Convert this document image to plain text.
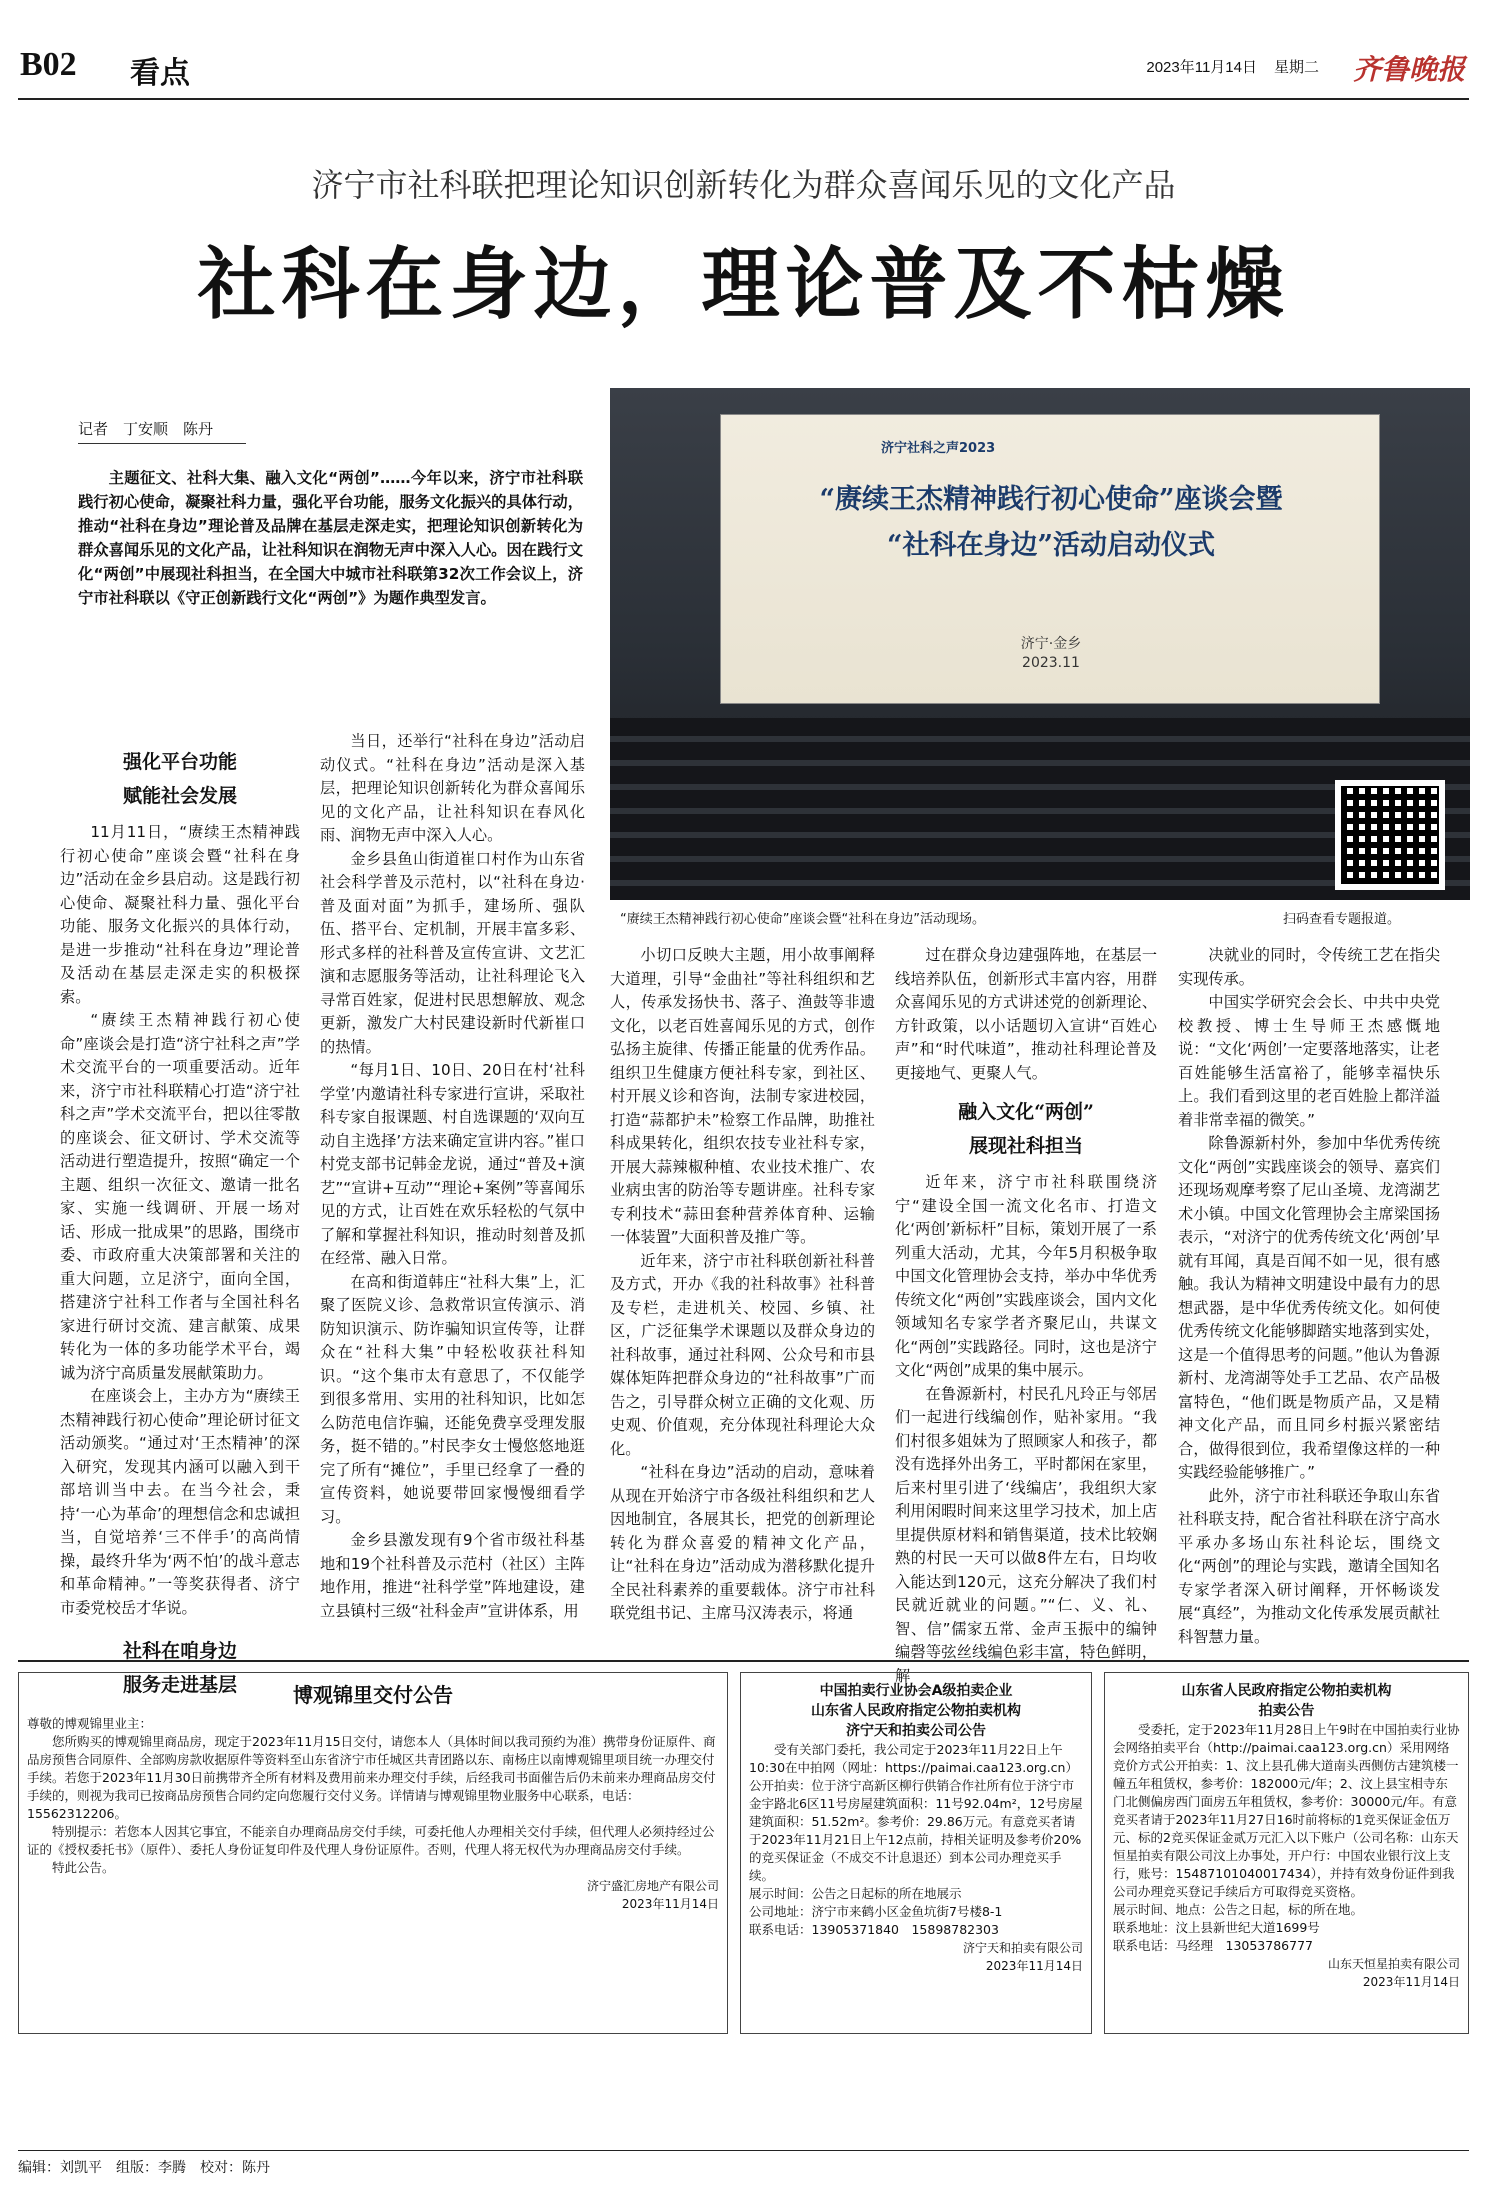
B02 看点	2023年11月14日 星期二 齐鲁晚报
济宁市社科联把理论知识创新转化为群众喜闻乐见的文化产品
社科在身边，理论普及不枯燥
记者　丁安顺　陈丹
主题征文、社科大集、融入文化“两创”……今年以来，济宁市社科联践行初心使命，凝聚社科力量，强化平台功能，服务文化振兴的具体行动，推动“社科在身边”理论普及品牌在基层走深走实，把理论知识创新转化为群众喜闻乐见的文化产品，让社科知识在润物无声中深入人心。因在践行文化“两创”中展现社科担当，在全国大中城市社科联第32次工作会议上，济宁市社科联以《守正创新践行文化“两创”》为题作典型发言。
济宁社科之声2023
“赓续王杰精神践行初心使命”座谈会暨
“社科在身边”活动启动仪式
济宁·金乡
2023.11
“赓续王杰精神践行初心使命”座谈会暨“社科在身边”活动现场。	扫码查看专题报道。
强化平台功能
赋能社会发展

11月11日，“赓续王杰精神践行初心使命”座谈会暨“社科在身边”活动在金乡县启动。这是践行初心使命、凝聚社科力量、强化平台功能、服务文化振兴的具体行动，是进一步推动“社科在身边”理论普及活动在基层走深走实的积极探索。

“赓续王杰精神践行初心使命”座谈会是打造“济宁社科之声”学术交流平台的一项重要活动。近年来，济宁市社科联精心打造“济宁社科之声”学术交流平台，把以往零散的座谈会、征文研讨、学术交流等活动进行塑造提升，按照“确定一个主题、组织一次征文、邀请一批名家、实施一线调研、开展一场对话、形成一批成果”的思路，围绕市委、市政府重大决策部署和关注的重大问题，立足济宁，面向全国，搭建济宁社科工作者与全国社科名家进行研讨交流、建言献策、成果转化为一体的多功能学术平台，竭诚为济宁高质量发展献策助力。

在座谈会上，主办方为“赓续王杰精神践行初心使命”理论研讨征文活动颁奖。“通过对‘王杰精神’的深入研究，发现其内涵可以融入到干部培训当中去。在当今社会，秉持‘一心为革命’的理想信念和忠诚担当，自觉培养‘三不伴手’的高尚情操，最终升华为‘两不怕’的战斗意志和革命精神。”一等奖获得者、济宁市委党校岳才华说。

社科在咱身边
服务走进基层

当日，还举行“社科在身边”活动启动仪式。“社科在身边”活动是深入基层，把理论知识创新转化为群众喜闻乐见的文化产品，让社科知识在春风化雨、润物无声中深入人心。

金乡县鱼山街道崔口村作为山东省社会科学普及示范村，以“社科在身边·普及面对面”为抓手，建场所、强队伍、搭平台、定机制，开展丰富多彩、形式多样的社科普及宣传宣讲、文艺汇演和志愿服务等活动，让社科理论飞入寻常百姓家，促进村民思想解放、观念更新，激发广大村民建设新时代新崔口的热情。

“每月1日、10日、20日在村‘社科学堂’内邀请社科专家进行宣讲，采取社科专家自报课题、村自选课题的‘双向互动自主选择’方法来确定宣讲内容。”崔口村党支部书记韩金龙说，通过“普及+演艺”“宣讲+互动”“理论+案例”等喜闻乐见的方式，让百姓在欢乐轻松的气氛中了解和掌握社科知识，推动时刻普及抓在经常、融入日常。

在高和街道韩庄“社科大集”上，汇聚了医院义诊、急救常识宣传演示、消防知识演示、防诈骗知识宣传等，让群众在“社科大集”中轻松收获社科知识。“这个集市太有意思了，不仅能学到很多常用、实用的社科知识，比如怎么防范电信诈骗，还能免费享受理发服务，挺不错的。”村民李女士慢悠悠地逛完了所有“摊位”，手里已经拿了一叠的宣传资料，她说要带回家慢慢细看学习。

金乡县激发现有9个省市级社科基地和19个社科普及示范村（社区）主阵地作用，推进“社科学堂”阵地建设，建立县镇村三级“社科金声”宣讲体系，用

小切口反映大主题，用小故事阐释大道理，引导“金曲社”等社科组织和艺人，传承发扬快书、落子、渔鼓等非遗文化，以老百姓喜闻乐见的方式，创作弘扬主旋律、传播正能量的优秀作品。组织卫生健康方便社科专家，到社区、村开展义诊和咨询，法制专家进校园，打造“蒜都护未”检察工作品牌，助推社科成果转化，组织农技专业社科专家，开展大蒜辣椒种植、农业技术推广、农业病虫害的防治等专题讲座。社科专家专利技术“蒜田套种营养体育种、运输一体装置”大面积普及推广等。

近年来，济宁市社科联创新社科普及方式，开办《我的社科故事》社科普及专栏，走进机关、校园、乡镇、社区，广泛征集学术课题以及群众身边的社科故事，通过社科网、公众号和市县媒体矩阵把群众身边的“社科故事”广而告之，引导群众树立正确的文化观、历史观、价值观，充分体现社科理论大众化。

“社科在身边”活动的启动，意味着从现在开始济宁市各级社科组织和艺人因地制宜，各展其长，把党的创新理论转化为群众喜爱的精神文化产品，让“社科在身边”活动成为潜移默化提升全民社科素养的重要载体。济宁市社科联党组书记、主席马汉涛表示，将通

过在群众身边建强阵地，在基层一线培养队伍，创新形式丰富内容，用群众喜闻乐见的方式讲述党的创新理论、方针政策，以小话题切入宣讲“百姓心声”和“时代味道”，推动社科理论普及更接地气、更聚人气。

融入文化“两创”
展现社科担当

近年来，济宁市社科联围绕济宁“建设全国一流文化名市、打造文化‘两创’新标杆”目标，策划开展了一系列重大活动，尤其，今年5月积极争取中国文化管理协会支持，举办中华优秀传统文化“两创”实践座谈会，国内文化领域知名专家学者齐聚尼山，共谋文化“两创”实践路径。同时，这也是济宁文化“两创”成果的集中展示。

在鲁源新村，村民孔凡玲正与邻居们一起进行线编创作，贴补家用。“我们村很多姐妹为了照顾家人和孩子，都没有选择外出务工，平时都闲在家里，后来村里引进了‘线编店’，我组织大家利用闲暇时间来这里学习技术，加上店里提供原材料和销售渠道，技术比较娴熟的村民一天可以做8件左右，日均收入能达到120元，这充分解决了我们村民就近就业的问题。”“仁、义、礼、智、信”儒家五常、金声玉振中的编钟编磬等弦丝线编色彩丰富，特色鲜明，解

决就业的同时，令传统工艺在指尖实现传承。

中国实学研究会会长、中共中央党校教授、博士生导师王杰感慨地说：“文化‘两创’一定要落地落实，让老百姓能够生活富裕了，能够幸福快乐上。我们看到这里的老百姓脸上都洋溢着非常幸福的微笑。”

除鲁源新村外，参加中华优秀传统文化“两创”实践座谈会的领导、嘉宾们还现场观摩考察了尼山圣境、龙湾湖艺术小镇。中国文化管理协会主席梁国扬表示，“对济宁的优秀传统文化‘两创’早就有耳闻，真是百闻不如一见，很有感触。我认为精神文明建设中最有力的思想武器，是中华优秀传统文化。如何使优秀传统文化能够脚踏实地落到实处，这是一个值得思考的问题。”他认为鲁源新村、龙湾湖等处手工艺品、农产品极富特色，“他们既是物质产品，又是精神文化产品，而且同乡村振兴紧密结合，做得很到位，我希望像这样的一种实践经验能够推广。”

此外，济宁市社科联还争取山东省社科联支持，配合省社科联在济宁高水平承办多场山东社科论坛，围绕文化“两创”的理论与实践，邀请全国知名专家学者深入研讨阐释，开怀畅谈发展“真经”，为推动文化传承发展贡献社科智慧力量。

博观锦里交付公告
尊敬的博观锦里业主：

您所购买的博观锦里商品房，现定于2023年11月15日交付，请您本人（具体时间以我司预约为准）携带身份证原件、商品房预售合同原件、全部购房款收据原件等资料至山东省济宁市任城区共青团路以东、南杨庄以南博观锦里项目统一办理交付手续。若您于2023年11月30日前携带齐全所有材料及费用前来办理交付手续，后经我司书面催告后仍未前来办理商品房交付手续的，则视为我司已按商品房预售合同约定向您履行交付义务。详情请与博观锦里物业服务中心联系，电话：15562312206。

特别提示：若您本人因其它事宜，不能亲自办理商品房交付手续，可委托他人办理相关交付手续，但代理人必须持经过公证的《授权委托书》（原件）、委托人身份证复印件及代理人身份证原件。否则，代理人将无权代为办理商品房交付手续。

特此公告。

济宁盛汇房地产有限公司
2023年11月14日
中国拍卖行业协会A级拍卖企业
山东省人民政府指定公物拍卖机构
济宁天和拍卖公司公告

受有关部门委托，我公司定于2023年11月22日上午10:30在中拍网（网址：https://paimai.caa123.org.cn）公开拍卖：位于济宁高新区柳行供销合作社所有位于济宁市金宇路北6区11号房屋建筑面积：11号92.04m²，12号房屋建筑面积：51.52m²。参考价：29.86万元。有意竞买者请于2023年11月21日上午12点前，持相关证明及参考价20%的竞买保证金（不成交不计息退还）到本公司办理竞买手续。

展示时间：公告之日起标的所在地展示
公司地址：济宁市来鹤小区金鱼坑街7号楼8-1
联系电话：13905371840　15898782303
济宁天和拍卖有限公司
2023年11月14日
山东省人民政府指定公物拍卖机构
拍卖公告

受委托，定于2023年11月28日上午9时在中国拍卖行业协会网络拍卖平台（http://paimai.caa123.org.cn）采用网络竞价方式公开拍卖：1、汶上县孔佛大道南头西侧仿古建筑楼一幢五年租赁权，参考价：182000元/年；2、汶上县宝相寺东门北侧偏房西门面房五年租赁权，参考价：30000元/年。有意竞买者请于2023年11月27日16时前将标的1竞买保证金伍万元、标的2竞买保证金贰万元汇入以下账户（公司名称：山东天恒星拍卖有限公司汶上办事处，开户行：中国农业银行汶上支行，账号：15487101040017434），并持有效身份证件到我公司办理竞买登记手续后方可取得竞买资格。

展示时间、地点：公告之日起，标的所在地。
联系地址：汶上县新世纪大道1699号
联系电话：马经理　13053786777
山东天恒星拍卖有限公司
2023年11月14日
编辑：刘凯平　组版：李腾　校对：陈丹
